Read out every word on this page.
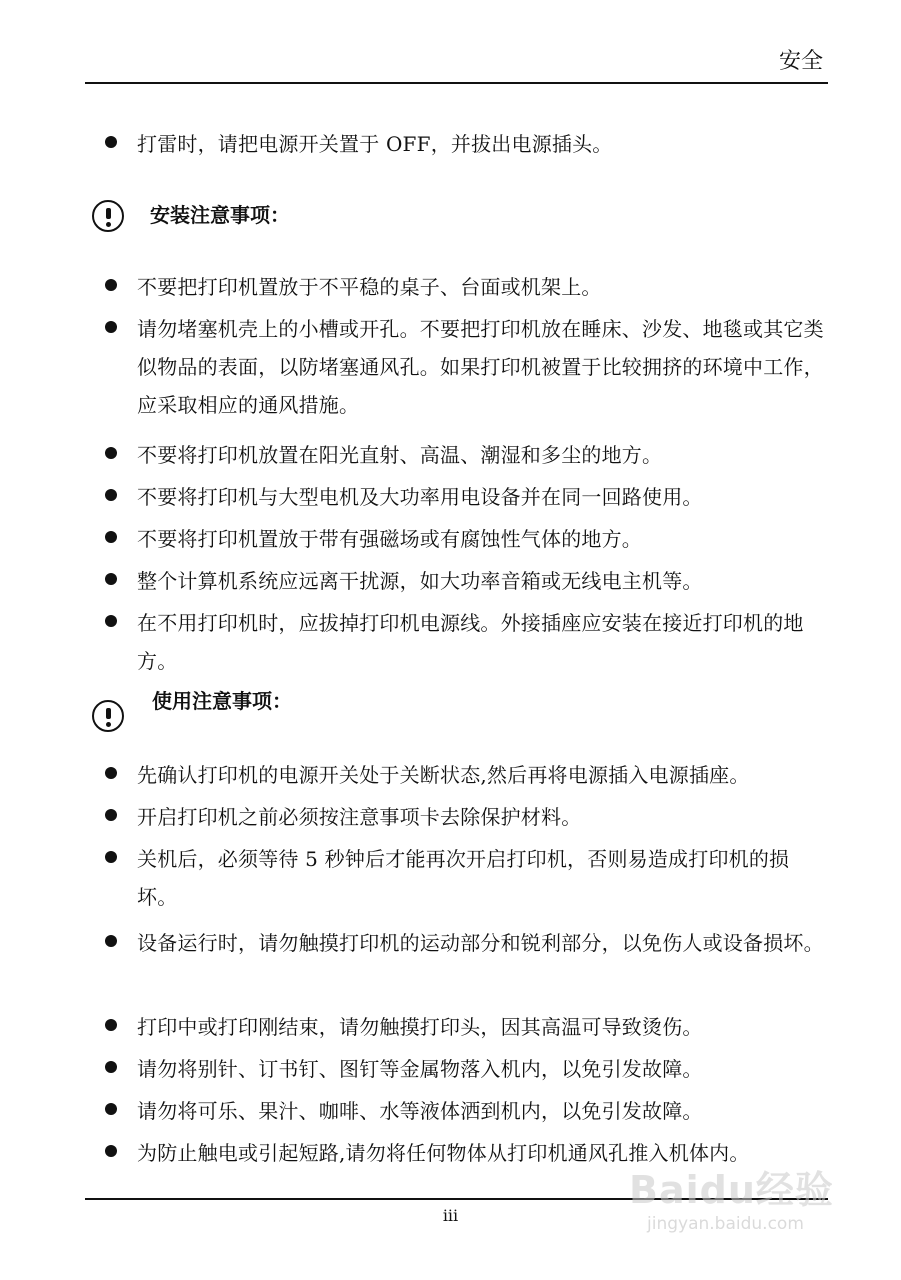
安全
打雷时，请把电源开关置于 OFF，并拔出电源插头。
安装注意事项：
不要把打印机置放于不平稳的桌子、台面或机架上。
请勿堵塞机壳上的小槽或开孔。不要把打印机放在睡床、沙发、地毯或其它类似物品的表面，以防堵塞通风孔。如果打印机被置于比较拥挤的环境中工作，应采取相应的通风措施。
不要将打印机放置在阳光直射、高温、潮湿和多尘的地方。
不要将打印机与大型电机及大功率用电设备并在同一回路使用。
不要将打印机置放于带有强磁场或有腐蚀性气体的地方。
整个计算机系统应远离干扰源，如大功率音箱或无线电主机等。
在不用打印机时，应拔掉打印机电源线。外接插座应安装在接近打印机的地方。
使用注意事项：
先确认打印机的电源开关处于关断状态,然后再将电源插入电源插座。
开启打印机之前必须按注意事项卡去除保护材料。
关机后，必须等待 5 秒钟后才能再次开启打印机，否则易造成打印机的损坏。
设备运行时，请勿触摸打印机的运动部分和锐利部分，以免伤人或设备损坏。
打印中或打印刚结束，请勿触摸打印头，因其高温可导致烫伤。
请勿将别针、订书钉、图钉等金属物落入机内，以免引发故障。
请勿将可乐、果汁、咖啡、水等液体洒到机内，以免引发故障。
为防止触电或引起短路,请勿将任何物体从打印机通风孔推入机体内。
iii
Baidu经验
jingyan.baidu.com
